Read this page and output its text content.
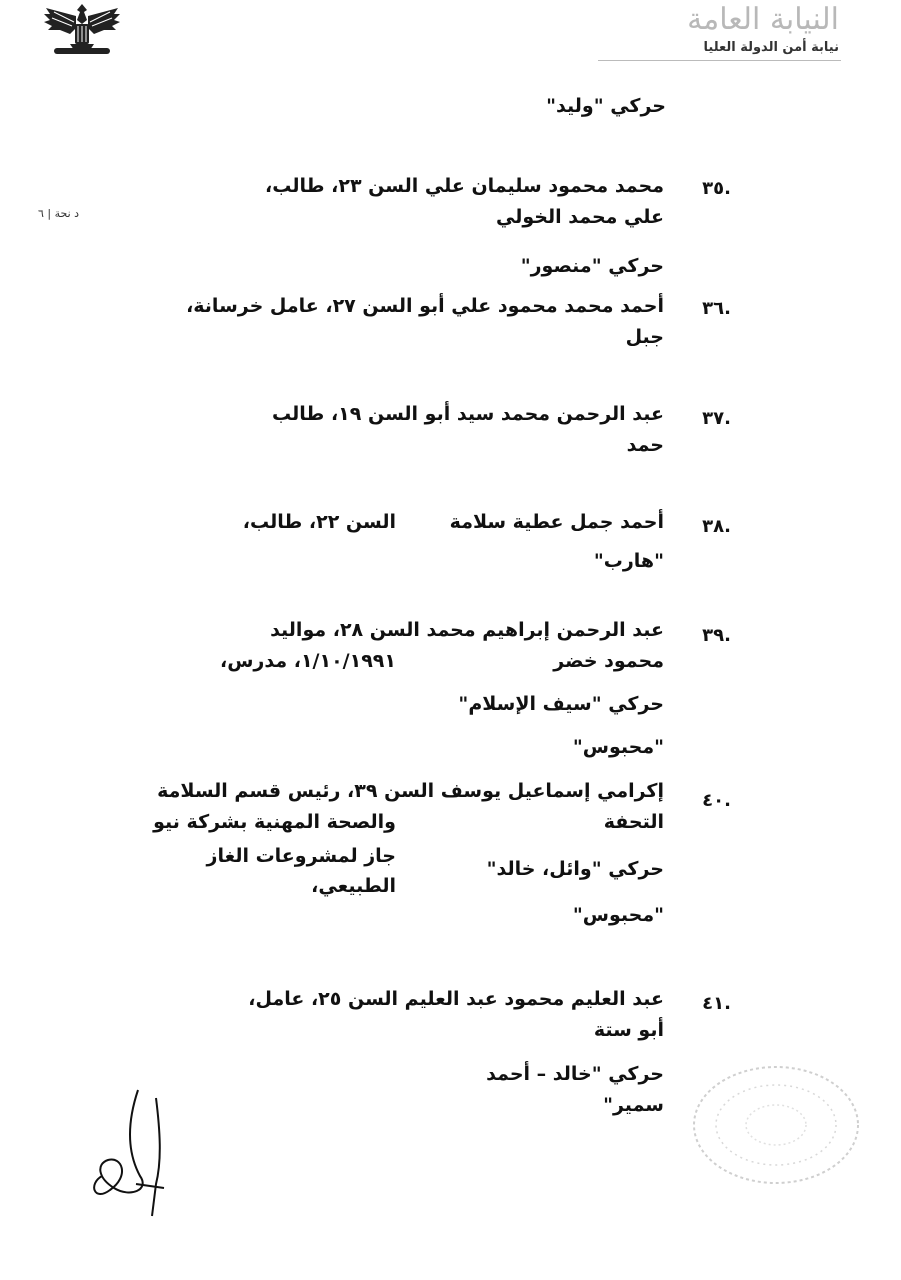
النيابة العامة
نيابة أمن الدولة العليا
د نحة | ٦
حركي "وليد"
٣٥.
محمد محمود سليمان علي السن ٢٣، طالب،
علي محمد الخولي
حركي "منصور"
٣٦.
أحمد محمد محمود علي أبو السن ٢٧، عامل خرسانة،
جبل
٣٧.
عبد الرحمن محمد سيد أبو السن ١٩، طالب
حمد
٣٨.
أحمد جمل عطية سلامة
السن ٢٢، طالب،
"هارب"
٣٩.
عبد الرحمن إبراهيم محمد السن ٢٨، مواليد
محمود خضر
١/١٠/١٩٩١، مدرس،
حركي "سيف الإسلام"
"محبوس"
٤٠.
إكرامي إسماعيل يوسف السن ٣٩، رئيس قسم السلامة
التحفة
والصحة المهنية بشركة نيو
جاز لمشروعات الغاز
الطبيعي،
حركي "وائل، خالد"
"محبوس"
٤١.
عبد العليم محمود عبد العليم السن ٢٥، عامل،
أبو ستة
حركي "خالد – أحمد
سمير"
